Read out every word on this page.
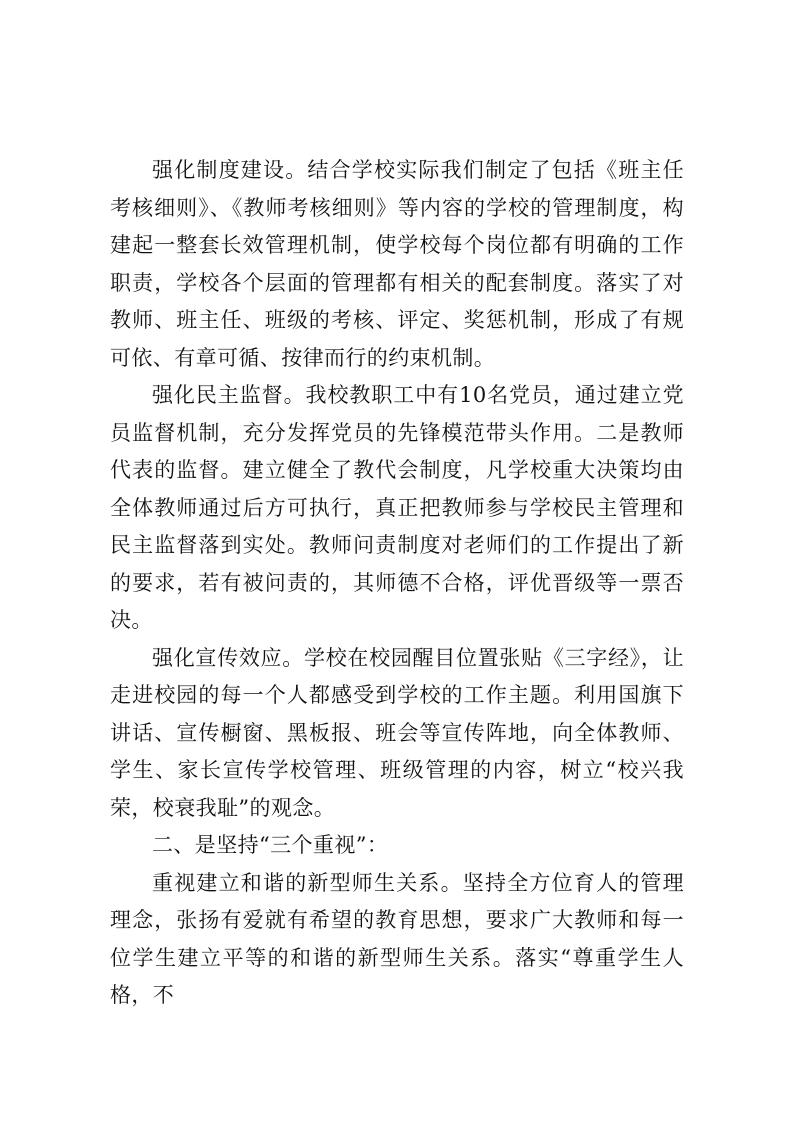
强化制度建设。结合学校实际我们制定了包括《班主任考核细则》、《教师考核细则》等内容的学校的管理制度，构建起一整套长效管理机制，使学校每个岗位都有明确的工作职责，学校各个层面的管理都有相关的配套制度。落实了对教师、班主任、班级的考核、评定、奖惩机制，形成了有规可依、有章可循、按律而行的约束机制。

强化民主监督。我校教职工中有10名党员，通过建立党员监督机制，充分发挥党员的先锋模范带头作用。二是教师代表的监督。建立健全了教代会制度，凡学校重大决策均由全体教师通过后方可执行，真正把教师参与学校民主管理和民主监督落到实处。教师问责制度对老师们的工作提出了新的要求，若有被问责的，其师德不合格，评优晋级等一票否决。

强化宣传效应。学校在校园醒目位置张贴《三字经》，让走进校园的每一个人都感受到学校的工作主题。利用国旗下讲话、宣传橱窗、黑板报、班会等宣传阵地，向全体教师、学生、家长宣传学校管理、班级管理的内容，树立“校兴我荣，校衰我耻”的观念。

二、是坚持“三个重视”：

重视建立和谐的新型师生关系。坚持全方位育人的管理理念，张扬有爱就有希望的教育思想，要求广大教师和每一位学生建立平等的和谐的新型师生关系。落实“尊重学生人格，不
